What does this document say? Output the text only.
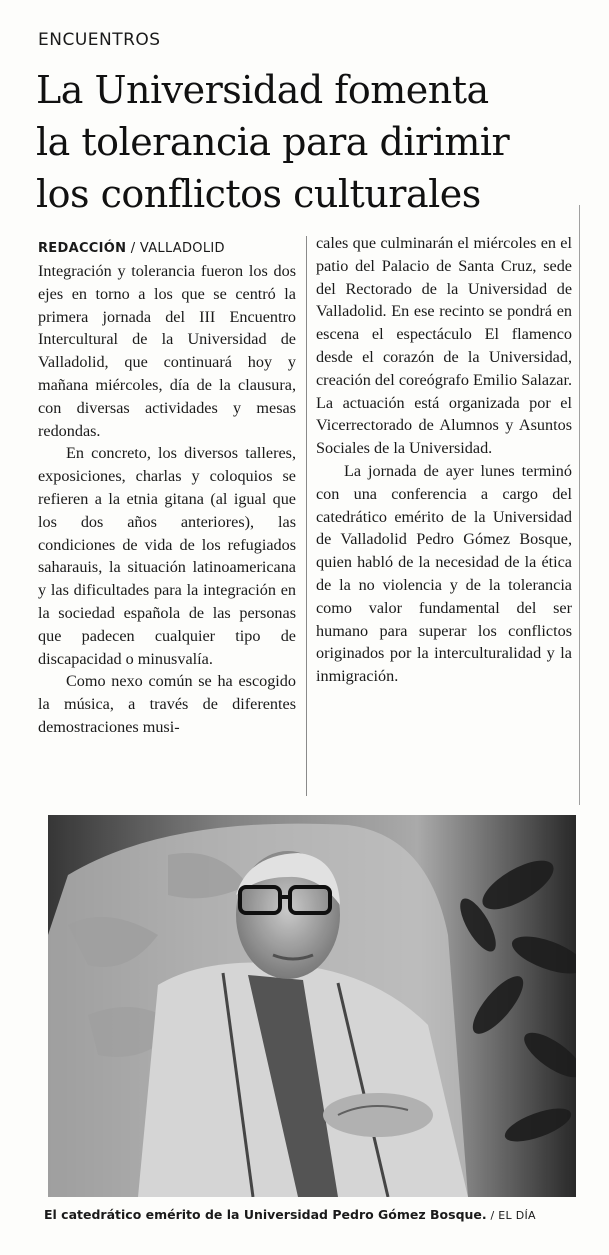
ENCUENTROS
La Universidad fomenta
la tolerancia para dirimir
los conflictos culturales
REDACCIÓN / VALLADOLID

Integración y tolerancia fueron los dos ejes en torno a los que se centró la primera jornada del III Encuentro Intercultural de la Universidad de Valladolid, que continuará hoy y mañana miércoles, día de la clausura, con diversas actividades y mesas redondas.

En concreto, los diversos talleres, exposiciones, charlas y coloquios se refieren a la etnia gitana (al igual que los dos años anteriores), las condiciones de vida de los refugiados saharauis, la situación latinoamericana y las dificultades para la integración en la sociedad española de las personas que padecen cualquier tipo de discapacidad o minusvalía.

Como nexo común se ha escogido la música, a través de diferentes demostraciones musi-

cales que culminarán el miércoles en el patio del Palacio de Santa Cruz, sede del Rectorado de la Universidad de Valladolid. En ese recinto se pondrá en escena el espectáculo El flamenco desde el corazón de la Universidad, creación del coreógrafo Emilio Salazar. La actuación está organizada por el Vicerrectorado de Alumnos y Asuntos Sociales de la Universidad.

La jornada de ayer lunes terminó con una conferencia a cargo del catedrático emérito de la Universidad de Valladolid Pedro Gómez Bosque, quien habló de la necesidad de la ética de la no violencia y de la tolerancia como valor fundamental del ser humano para superar los conflictos originados por la interculturalidad y la inmigración.

El catedrático emérito de la Universidad Pedro Gómez Bosque. / EL DÍA
